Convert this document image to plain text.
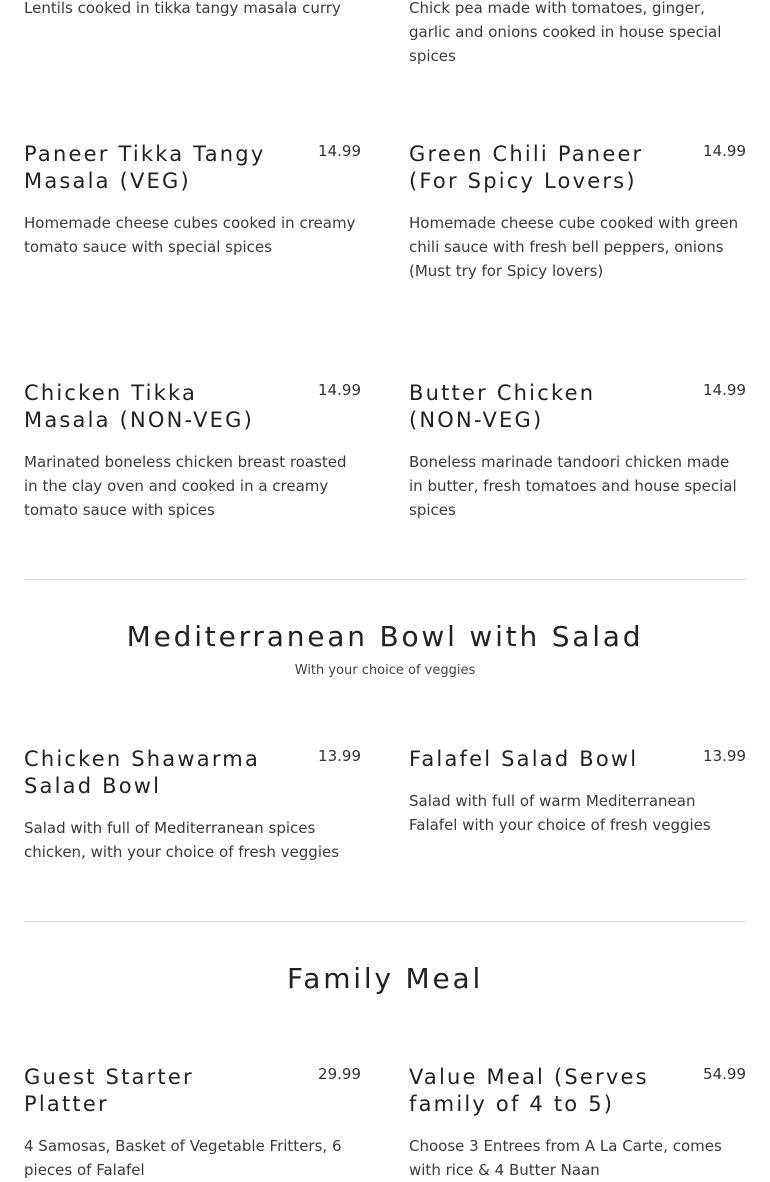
Lentils cooked in tikka tangy masala curry	Chick pea made with tomatoes, ginger, garlic and onions cooked in house special spices

Paneer Tikka Tangy Masala (VEG)
14.99

Homemade cheese cubes cooked in creamy tomato sauce with special spices

Green Chili Paneer (For Spicy Lovers)
14.99

Homemade cheese cube cooked with green chili sauce with fresh bell peppers, onions (Must try for Spicy lovers)

Chicken Tikka Masala (NON-VEG)
14.99

Marinated boneless chicken breast roasted in the clay oven and cooked in a creamy tomato sauce with spices

Butter Chicken (NON-VEG)
14.99

Boneless marinade tandoori chicken made in butter, fresh tomatoes and house special spices

Mediterranean Bowl with Salad

With your choice of veggies

Chicken Shawarma Salad Bowl
13.99

Salad with full of Mediterranean spices chicken, with your choice of fresh veggies

Falafel Salad Bowl	13.99

Salad with full of warm Mediterranean Falafel with your choice of fresh veggies

Family Meal
Guest Starter Platter
29.99

4 Samosas, Basket of Vegetable Fritters, 6 pieces of Falafel

Value Meal (Serves family of 4 to 5)
54.99

Choose 3 Entrees from A La Carte, comes with rice & 4 Butter Naan
